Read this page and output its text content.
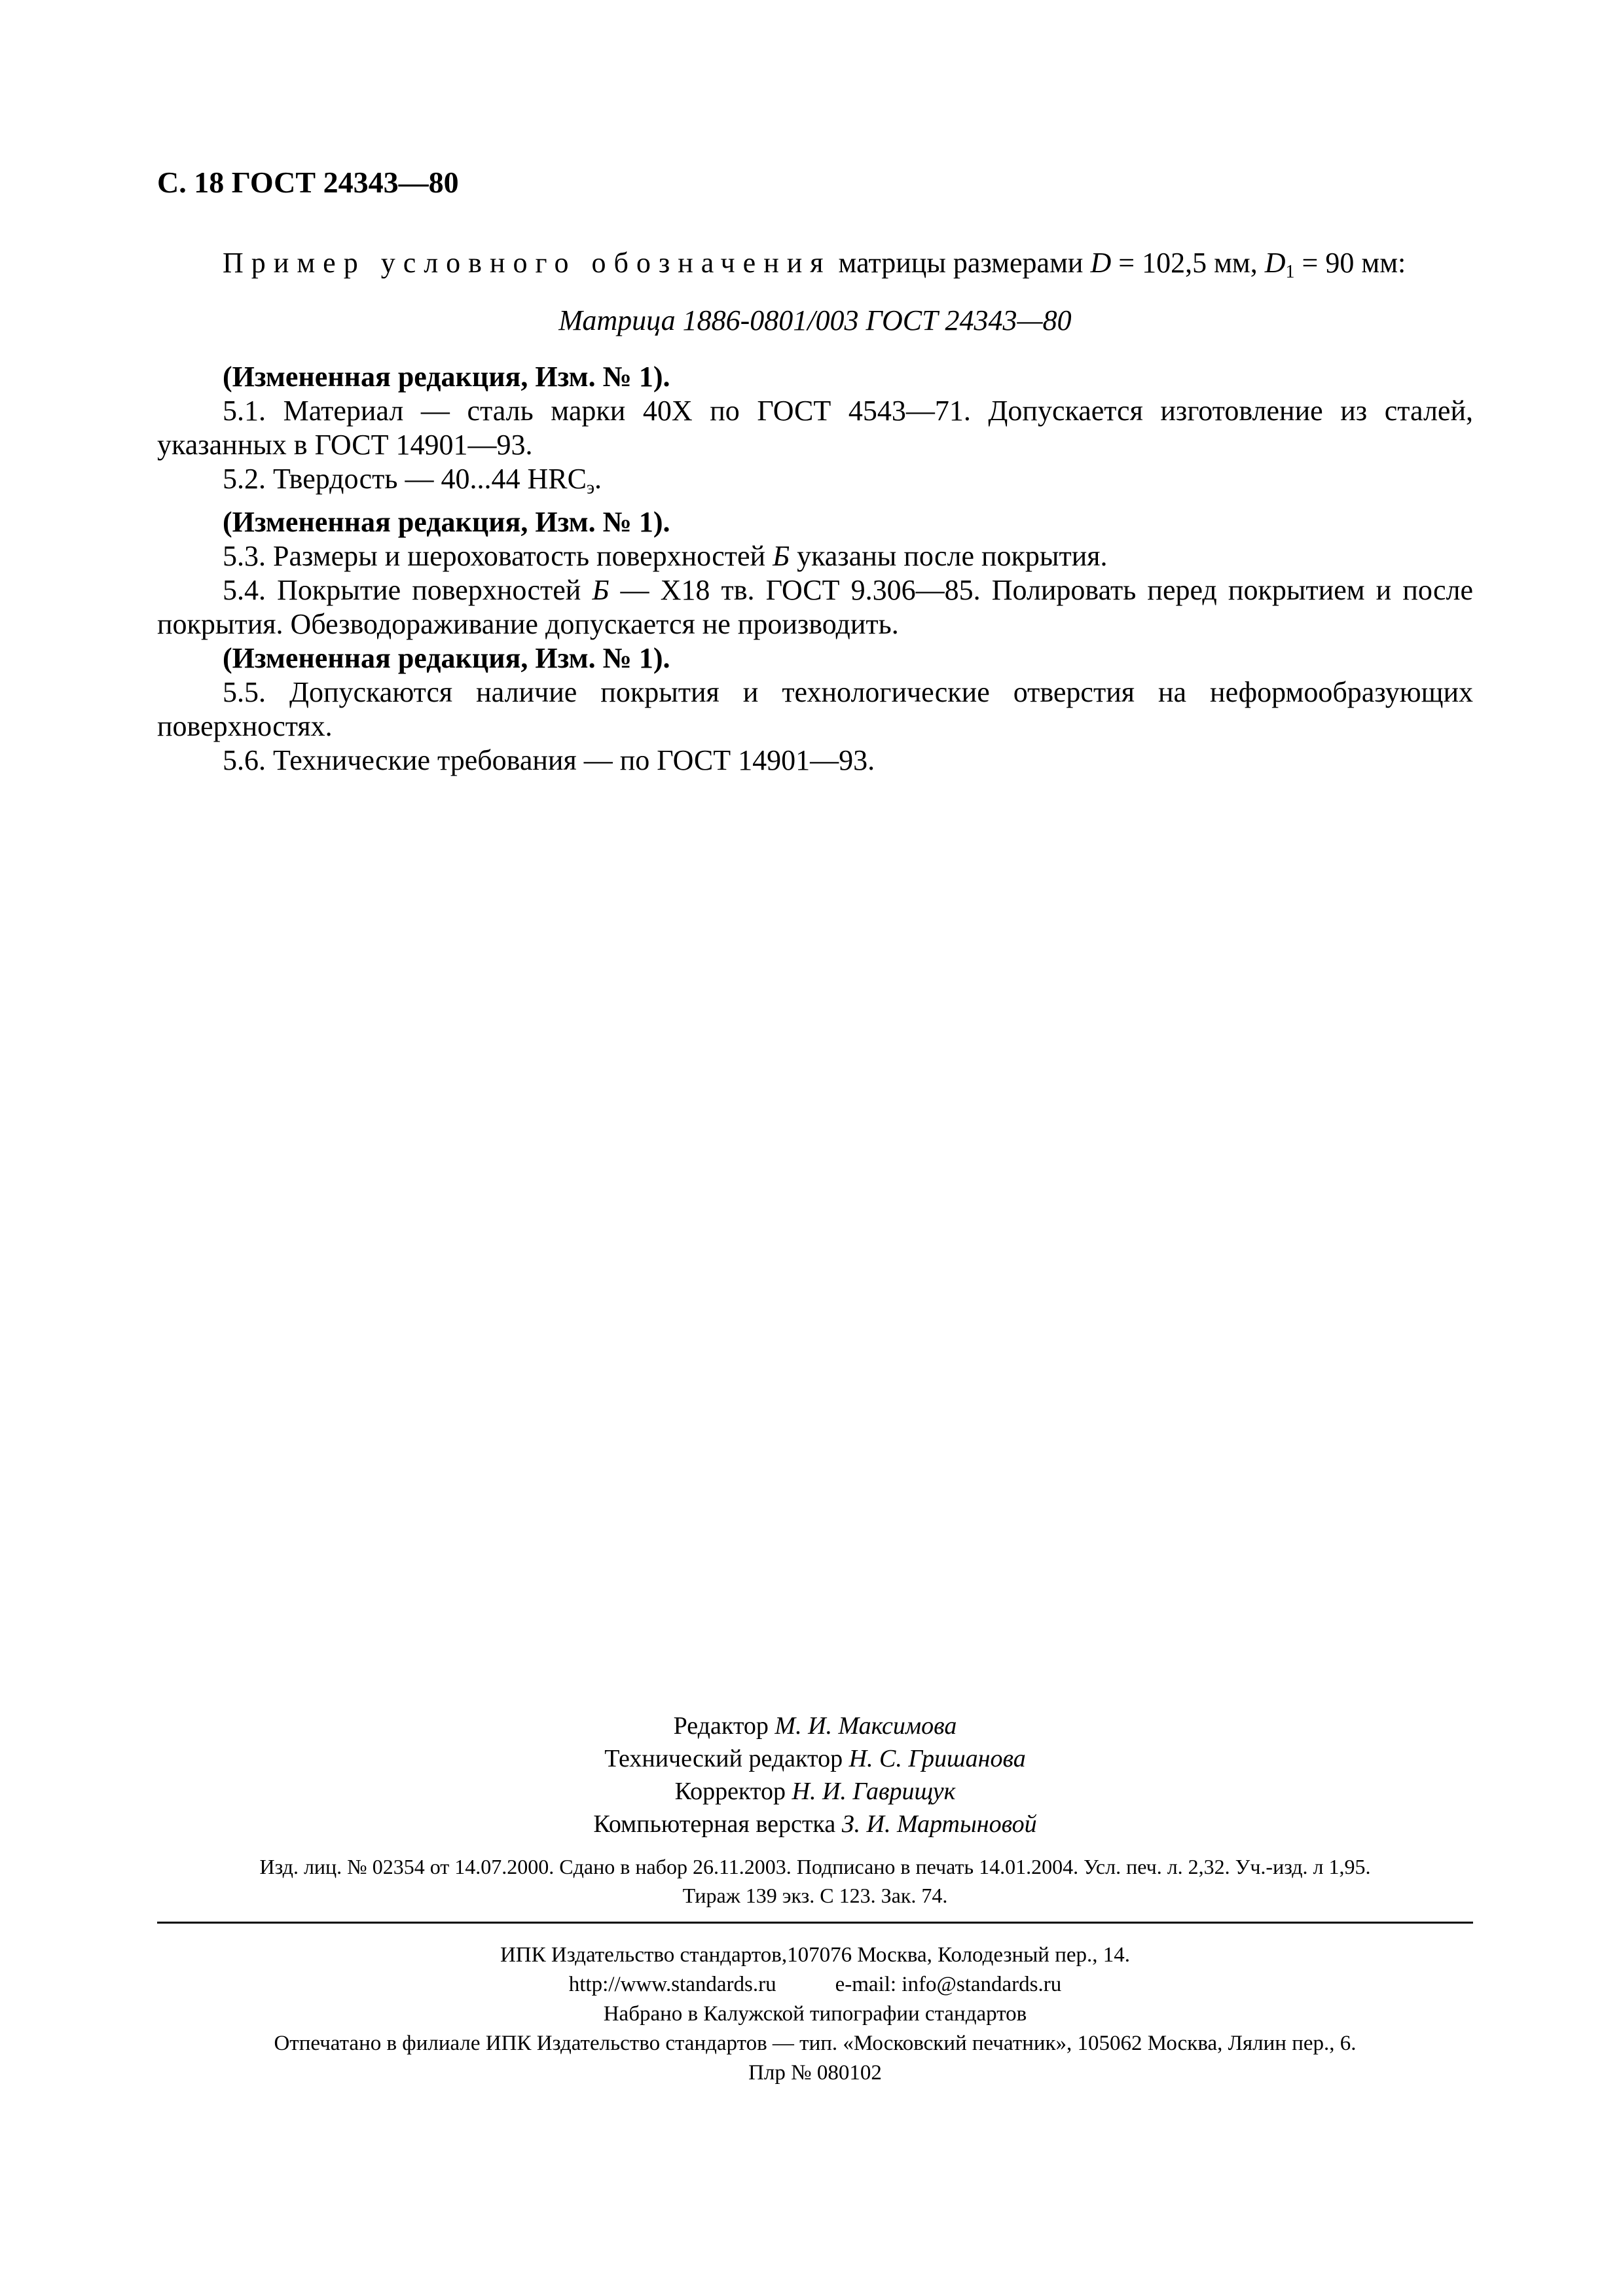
С. 18 ГОСТ 24343—80

Пример условного обозначения матрицы размерами D = 102,5 мм, $D_1 = 90$ мм:

Матрица 1886-0801/003 ГОСТ 24343—80

(Измененная редакция, Изм. № 1).

5.1. Материал — сталь марки 40Х по ГОСТ 4543—71. Допускается изготовление из сталей, указанных в ГОСТ 14901—93.

5.2. Твердость — 40...44 $HRC_э$.

(Измененная редакция, Изм. № 1).

5.3. Размеры и шероховатость поверхностей Б указаны после покрытия.

5.4. Покрытие поверхностей Б — Х18 тв. ГОСТ 9.306—85. Полировать перед покрытием и после покрытия. Обезводораживание допускается не производить.

(Измененная редакция, Изм. № 1).

5.5. Допускаются наличие покрытия и технологические отверстия на неформообразующих поверхностях.

5.6. Технические требования — по ГОСТ 14901—93.

Редактор М. И. Максимова

Технический редактор Н. С. Гришанова

Корректор Н. И. Гаврищук

Компьютерная верстка З. И. Мартыновой

Изд. лиц. № 02354 от 14.07.2000. Сдано в набор 26.11.2003. Подписано в печать 14.01.2004. Усл. печ. л. 2,32. Уч.-изд. л 1,95.

Тираж 139 экз. С 123. Зак. 74.

ИПК Издательство стандартов,107076 Москва, Колодезный пер., 14.

http://www.standards.ru	e-mail: info@standards.ru

Набрано в Калужской типографии стандартов

Отпечатано в филиале ИПК Издательство стандартов — тип. «Московский печатник», 105062 Москва, Лялин пер., 6.

Плр № 080102
